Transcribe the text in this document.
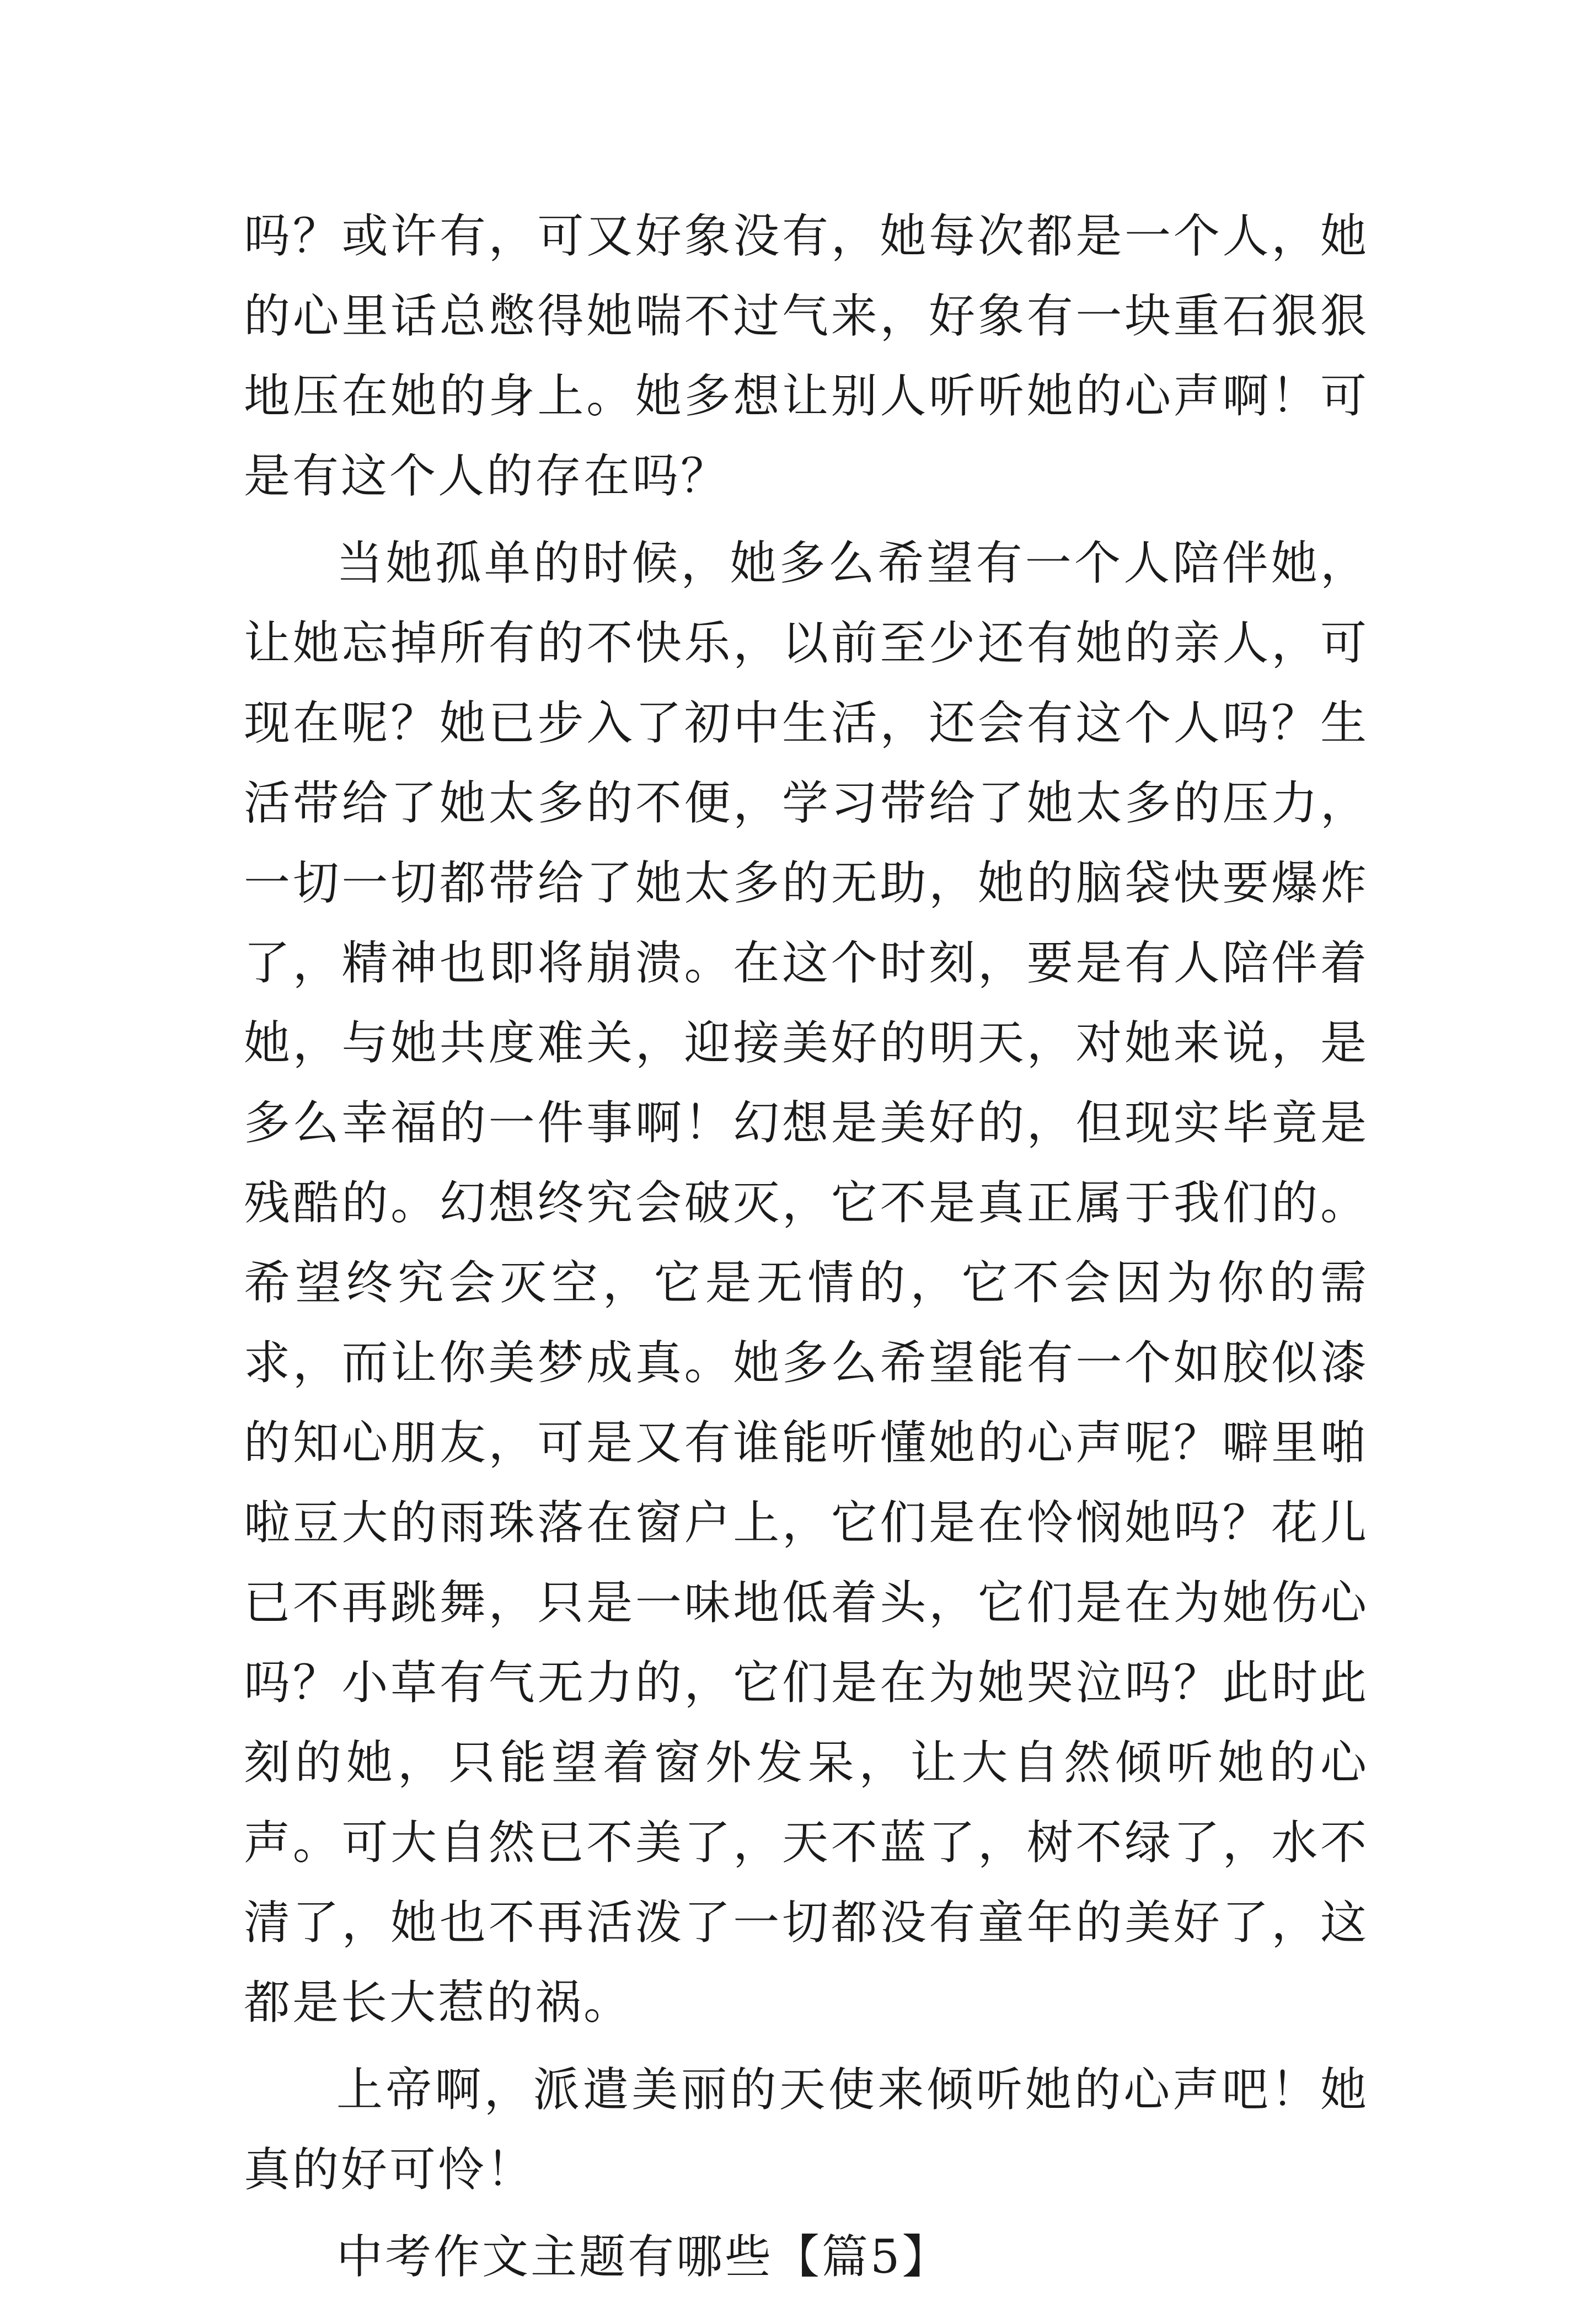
吗？或许有，可又好象没有，她每次都是一个人，她的心里话总憋得她喘不过气来，好象有一块重石狠狠地压在她的身上。她多想让别人听听她的心声啊！可是有这个人的存在吗？

当她孤单的时候，她多么希望有一个人陪伴她，让她忘掉所有的不快乐，以前至少还有她的亲人，可现在呢？她已步入了初中生活，还会有这个人吗？生活带给了她太多的不便，学习带给了她太多的压力，一切一切都带给了她太多的无助，她的脑袋快要爆炸了，精神也即将崩溃。在这个时刻，要是有人陪伴着她，与她共度难关，迎接美好的明天，对她来说，是多么幸福的一件事啊！幻想是美好的，但现实毕竟是残酷的。幻想终究会破灭，它不是真正属于我们的。希望终究会灭空，它是无情的，它不会因为你的需求，而让你美梦成真。她多么希望能有一个如胶似漆的知心朋友，可是又有谁能听懂她的心声呢？噼里啪啦豆大的雨珠落在窗户上，它们是在怜悯她吗？花儿已不再跳舞，只是一味地低着头，它们是在为她伤心吗？小草有气无力的，它们是在为她哭泣吗？此时此刻的她，只能望着窗外发呆，让大自然倾听她的心声。可大自然已不美了，天不蓝了，树不绿了，水不清了，她也不再活泼了一切都没有童年的美好了，这都是长大惹的祸。

上帝啊，派遣美丽的天使来倾听她的心声吧！她真的好可怜！

中考作文主题有哪些【篇5】
